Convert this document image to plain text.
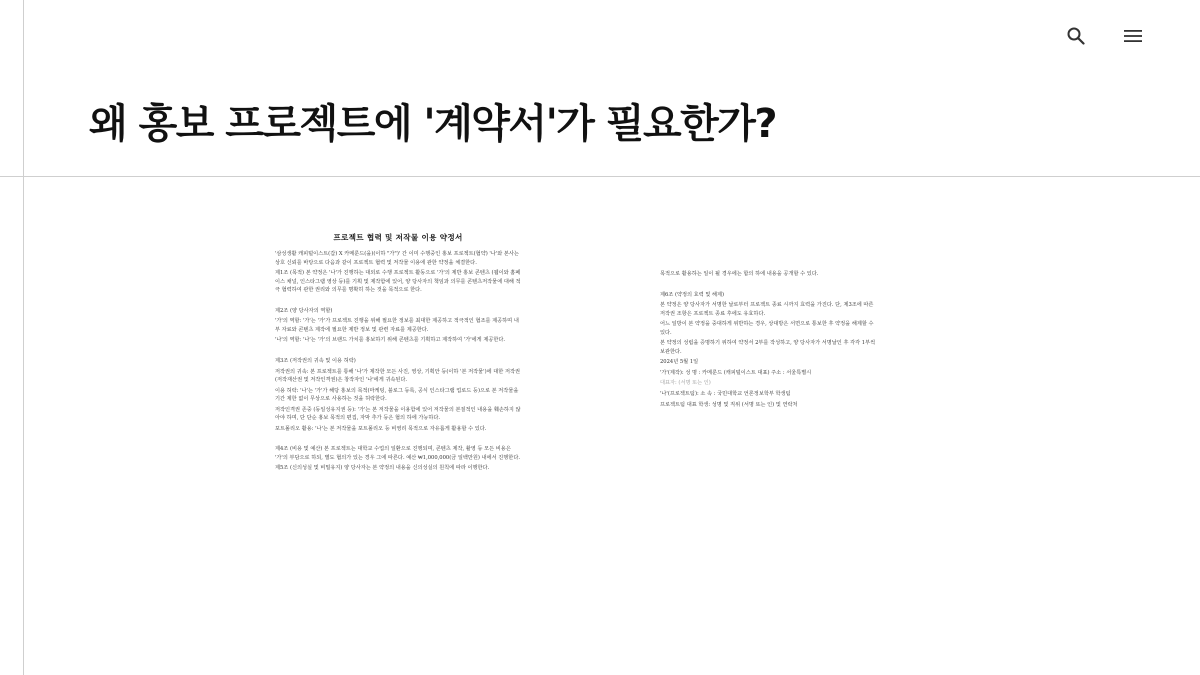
왜 홍보 프로젝트에 '계약서'가 필요한가?
프로젝트 협력 및 저작물 이용 약정서

'삼성생활 캐피털이스트(갑) X 카메룬드(을)(이하 "가")' 간 이미 수행중인 홍보 프로젝트(협약) '나'와 본사는 상호 신뢰를 바탕으로 다음과 같이 프로젝트 협력 및 저작물 이용에 관한 약정을 체결한다.

제1조 (목적) 본 약정은 '나'가 진행하는 대외로 수행 프로젝트 활동으로 '가'의 제반 홍보 콘텐츠 (웹이와 홈페이스 채널, 인스타그램 영상 등)를 기획 및 제작함에 있어, 양 당사자의 책임과 의무를 콘텐츠저작물에 대해 적극 협력하여 관한 권리와 의무를 명확히 하는 것을 목적으로 한다.

제2조 (양 당사자의 역할)

'가'의 역할: '가'는 '가'가 프로젝트 진행을 위해 필요한 정보를 최대한 제공하고 적극적인 협조를 제공하며 내부 자료와 콘텐츠 제작에 필요한 제반 정보 및 관련 자료를 제공한다.

'나'의 역할: '나'는 '가'의 브랜드 가치를 홍보하기 위해 콘텐츠를 기획하고 제작하여 '가'에게 제공한다.

제3조 (저작권의 귀속 및 이용 허락)

저작권의 귀속: 본 프로젝트를 통해 '나'가 제작한 모든 사진, 영상, 기획안 등(이하 '본 저작물')에 대한 저작권(저작재산권 및 저작인격권)은 창작자인 '나'에게 귀속된다.

이용 허락: '나'는 '가'가 해당 홍보의 목적(마케팅, 블로그 등록, 공식 인스타그램 업로드 등)으로 본 저작물을 기간 제한 없이 무상으로 사용하는 것을 허락한다.

저작인격권 존중 (동일성유지권 등): '가'는 본 저작물을 이용함에 있어 저작물의 본질적인 내용을 훼손하지 않아야 하며, 단 단순 홍보 목적의 편집, 자막 추가 등은 협의 하에 가능하다.

포트폴리오 활용: '나'는 본 저작물을 포트폴리오 등 비영리 목적으로 자유롭게 활용할 수 있다.

제4조 (비용 및 예산) 본 프로젝트는 대학교 수업의 일환으로 진행되며, 콘텐츠 제작, 촬영 등 모든 비용은 '가'의 부담으로 하되, 별도 협의가 있는 경우 그에 따른다. 예산 ₩1,000,000(금 일백만원) 내에서 진행한다.

제5조 (신의성실 및 비밀유지) 양 당사자는 본 약정의 내용을 신의성실의 원칙에 따라 이행한다.

목적으로 활용하는 일이 될 경우에는 합의 하에 내용을 공개할 수 있다.

제6조 (약정의 효력 및 해제)

본 약정은 양 당사자가 서명한 날로부터 프로젝트 종료 시까지 효력을 가진다. 단, 제3조에 따른 저작권 조항은 프로젝트 종료 후에도 유효하다.

어느 일방이 본 약정을 중대하게 위반하는 경우, 상대방은 서면으로 통보한 후 약정을 해제할 수 있다.

본 약정의 성립을 증명하기 위하여 약정서 2부를 작성하고, 양 당사자가 서명날인 후 각각 1부씩 보관한다.

2024년 5월 1일

'가'(제작): 성 명 : 카메룬드 (캐피털이스트 대표) 주소 : 서울특별시

대표자: (서명 또는 인)

'나'(프로젝트팀): 소 속 : 국민대학교 언론정보학부 학생팀

프로젝트팀 대표 학생: 성명 및 직위 (서명 또는 인) 및 연락처
